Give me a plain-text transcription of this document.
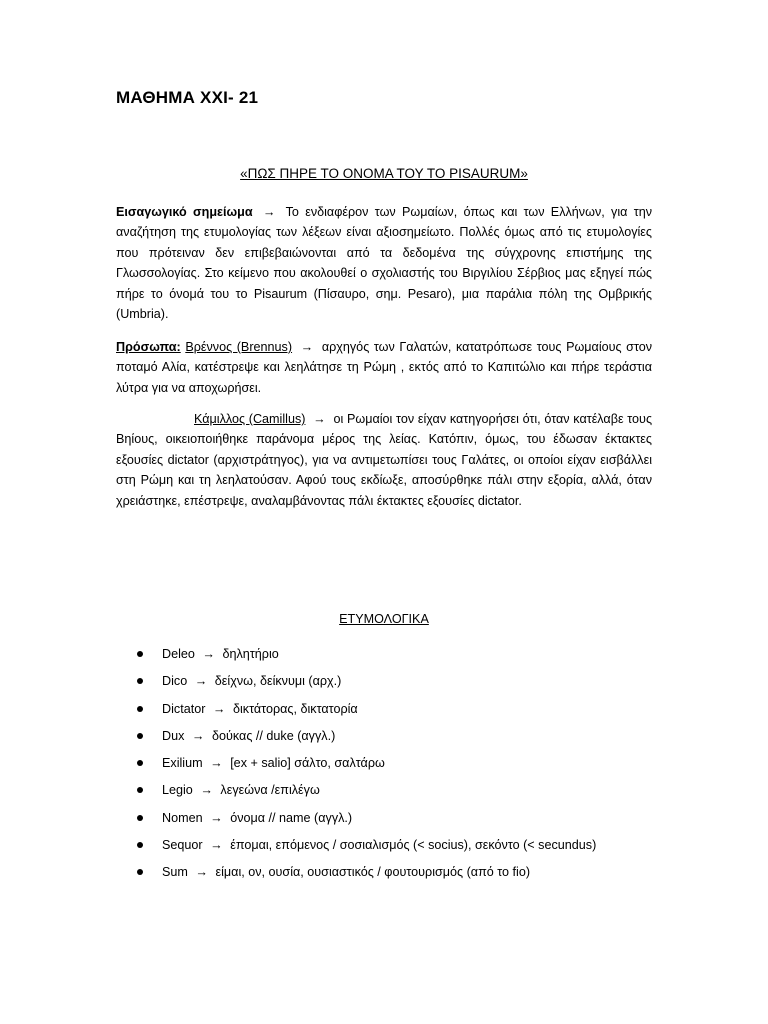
ΜΑΘΗΜΑ XXI- 21
«ΠΩΣ ΠΗΡΕ ΤΟ ΟΝΟΜΑ ΤΟΥ ΤΟ PISAURUM»
Εισαγωγικό σημείωμα → Το ενδιαφέρον των Ρωμαίων, όπως και των Ελλήνων, για την αναζήτηση της ετυμολογίας των λέξεων είναι αξιοσημείωτο. Πολλές όμως από τις ετυμολογίες που πρότειναν δεν επιβεβαιώνονται από τα δεδομένα της σύγχρονης επιστήμης της Γλωσσολογίας. Στο κείμενο που ακολουθεί ο σχολιαστής του Βιργιλίου Σέρβιος μας εξηγεί πώς πήρε το όνομά του το Pisaurum (Πίσαυρο, σημ. Pesaro), μια παράλια πόλη της Ομβρικής (Umbria).
Πρόσωπα: Βρέννος (Brennus) → αρχηγός των Γαλατών, κατατρόπωσε τους Ρωμαίους στον ποταμό Αλία, κατέστρεψε και λεηλάτησε τη Ρώμη , εκτός από το Καπιτώλιο και πήρε τεράστια λύτρα για να αποχωρήσει.
Κάμιλλος (Camillus) → οι Ρωμαίοι τον είχαν κατηγορήσει ότι, όταν κατέλαβε τους Βηίους, οικειοποιήθηκε παράνομα μέρος της λείας. Κατόπιν, όμως, του έδωσαν έκτακτες εξουσίες dictator (αρχιστράτηγος), για να αντιμετωπίσει τους Γαλάτες, οι οποίοι είχαν εισβάλλει στη Ρώμη και τη λεηλατούσαν. Αφού τους εκδίωξε, αποσύρθηκε πάλι στην εξορία, αλλά, όταν χρειάστηκε, επέστρεψε, αναλαμβάνοντας πάλι έκτακτες εξουσίες dictator.
ΕΤΥΜΟΛΟΓΙΚΑ
Deleo → δηλητήριο
Dico → δείχνω, δείκνυμι (αρχ.)
Dictator → δικτάτορας, δικτατορία
Dux → δούκας // duke (αγγλ.)
Exilium → [ex + salio] σάλτο, σαλτάρω
Legio → λεγεώνα /επιλέγω
Nomen → όνομα // name (αγγλ.)
Sequor → έπομαι, επόμενος / σοσιαλισμός (< socius), σεκόντο (< secundus)
Sum → είμαι, ον, ουσία, ουσιαστικός / φουτουρισμός (από το fio)
